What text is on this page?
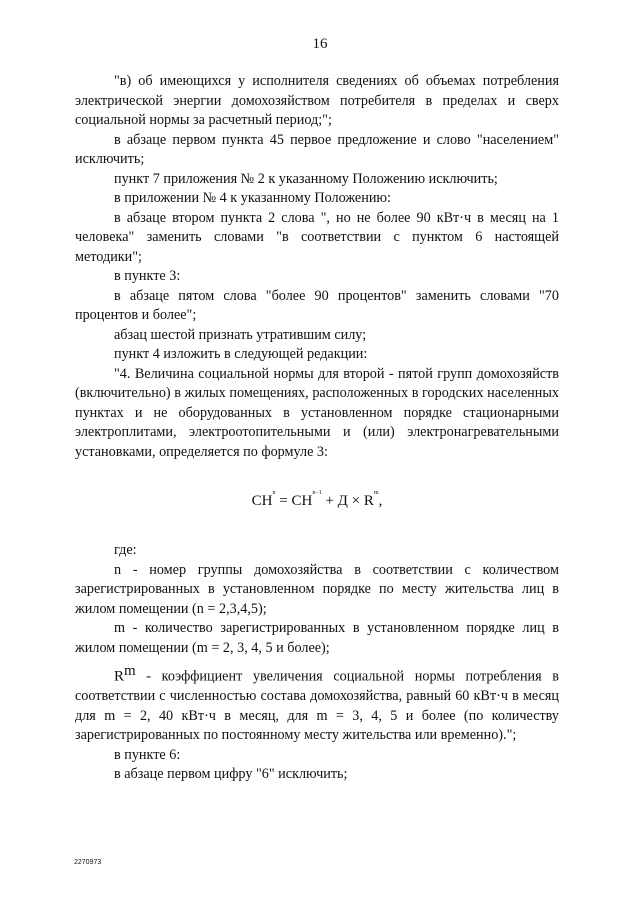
16

"в) об имеющихся у исполнителя сведениях об объемах потребления электрической энергии домохозяйством потребителя в пределах и сверх социальной нормы за расчетный период;";

в абзаце первом пункта 45 первое предложение и слово "населением" исключить;

пункт 7 приложения № 2 к указанному Положению исключить;

в приложении № 4 к указанному Положению:

в абзаце втором пункта 2 слова ", но не более 90 кВт·ч в месяц на 1 человека" заменить словами "в соответствии с пунктом 6 настоящей методики";

в пункте 3:

в абзаце пятом слова "более 90 процентов" заменить словами "70 процентов и более";

абзац шестой признать утратившим силу;

пункт 4 изложить в следующей редакции:

"4. Величина социальной нормы для второй - пятой групп домохозяйств (включительно) в жилых помещениях, расположенных в городских населенных пунктах и не оборудованных в установленном порядке стационарными электроплитами, электроотопительными и (или) электронагревательными установками, определяется по формуле 3:

$СН^n = СН^{n-1} + Д \times R^m$,

где:

n - номер группы домохозяйства в соответствии с количеством зарегистрированных в установленном порядке по месту жительства лиц в жилом помещении (n = 2,3,4,5);

m - количество зарегистрированных в установленном порядке лиц в жилом помещении (m = 2, 3, 4, 5 и более);

$R^m$ - коэффициент увеличения социальной нормы потребления в соответствии с численностью состава домохозяйства, равный 60 кВт·ч в месяц для m = 2, 40 кВт·ч в месяц, для m = 3, 4, 5 и более (по количеству зарегистрированных по постоянному месту жительства или временно).";

в пункте 6:

в абзаце первом цифру "6" исключить;

2270973
